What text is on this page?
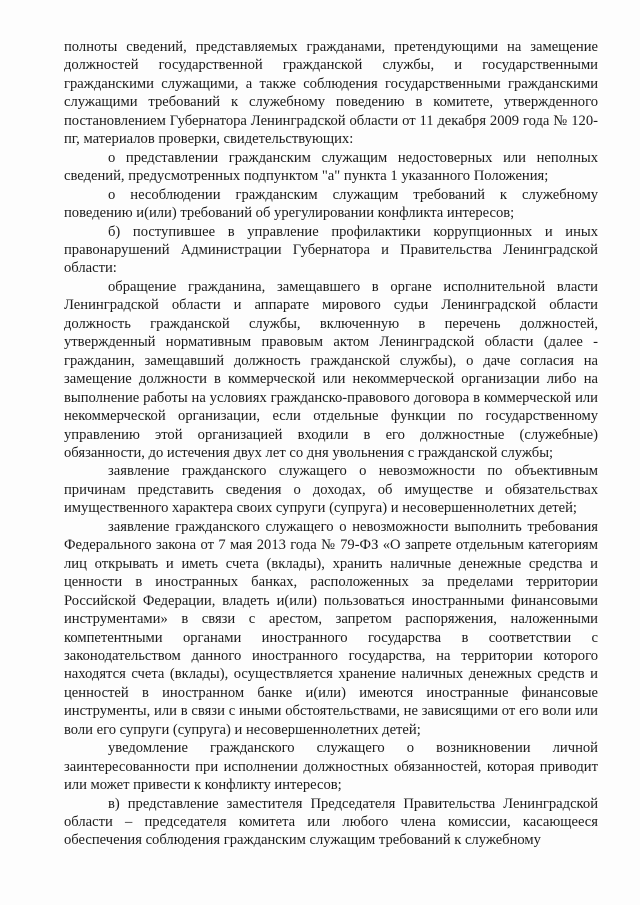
полноты сведений, представляемых гражданами, претендующими на замещение должностей государственной гражданской службы, и государственными гражданскими служащими, а также соблюдения государственными гражданскими служащими требований к служебному поведению в комитете, утвержденного постановлением Губернатора Ленинградской области от 11 декабря 2009 года № 120-пг, материалов проверки, свидетельствующих:

о представлении гражданским служащим недостоверных или неполных сведений, предусмотренных подпунктом "а" пункта 1 указанного Положения;

о несоблюдении гражданским служащим требований к служебному поведению и(или) требований об урегулировании конфликта интересов;

б) поступившее в управление профилактики коррупционных и иных правонарушений Администрации Губернатора и Правительства Ленинградской области:

обращение гражданина, замещавшего в органе исполнительной власти Ленинградской области и аппарате мирового судьи Ленинградской области должность гражданской службы, включенную в перечень должностей, утвержденный нормативным правовым актом Ленинградской области (далее - гражданин, замещавший должность гражданской службы), о даче согласия на замещение должности в коммерческой или некоммерческой организации либо на выполнение работы на условиях гражданско-правового договора в коммерческой или некоммерческой организации, если отдельные функции по государственному управлению этой организацией входили в его должностные (служебные) обязанности, до истечения двух лет со дня увольнения с гражданской службы;

заявление гражданского служащего о невозможности по объективным причинам представить сведения о доходах, об имуществе и обязательствах имущественного характера своих супруги (супруга) и несовершеннолетних детей;

заявление гражданского служащего о невозможности выполнить требования Федерального закона от 7 мая 2013 года № 79-ФЗ «О запрете отдельным категориям лиц открывать и иметь счета (вклады), хранить наличные денежные средства и ценности в иностранных банках, расположенных за пределами территории Российской Федерации, владеть и(или) пользоваться иностранными финансовыми инструментами» в связи с арестом, запретом распоряжения, наложенными компетентными органами иностранного государства в соответствии с законодательством данного иностранного государства, на территории которого находятся счета (вклады), осуществляется хранение наличных денежных средств и ценностей в иностранном банке и(или) имеются иностранные финансовые инструменты, или в связи с иными обстоятельствами, не зависящими от его воли или воли его супруги (супруга) и несовершеннолетних детей;

уведомление гражданского служащего о возникновении личной заинтересованности при исполнении должностных обязанностей, которая приводит или может привести к конфликту интересов;

в) представление заместителя Председателя Правительства Ленинградской области – председателя комитета или любого члена комиссии, касающееся обеспечения соблюдения гражданским служащим требований к служебному
